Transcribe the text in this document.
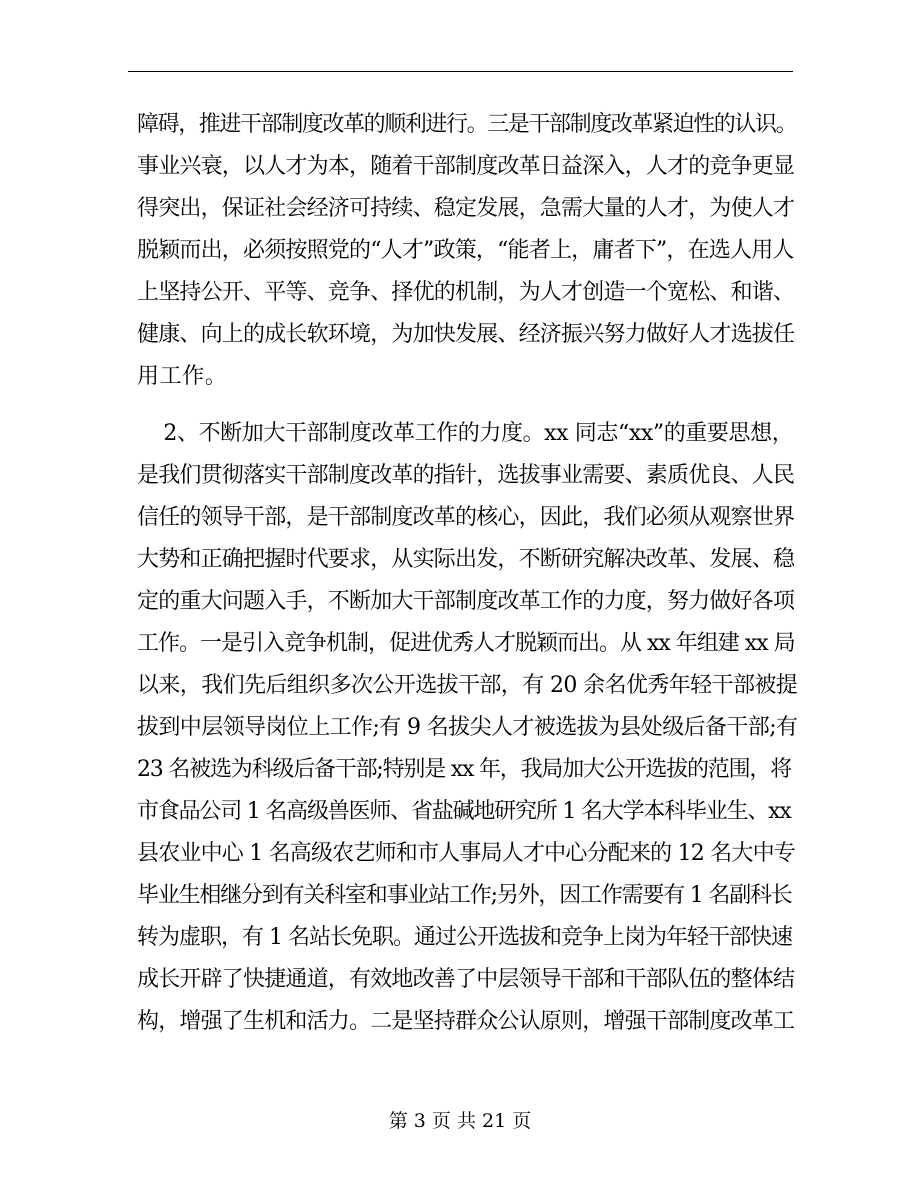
障碍，推进干部制度改革的顺利进行。三是干部制度改革紧迫性的认识。
事业兴衰，以人才为本，随着干部制度改革日益深入，人才的竞争更显
得突出，保证社会经济可持续、稳定发展，急需大量的人才，为使人才
脱颖而出，必须按照党的“人才”政策，“能者上，庸者下”，在选人用人
上坚持公开、平等、竞争、择优的机制，为人才创造一个宽松、和谐、
健康、向上的成长软环境，为加快发展、经济振兴努力做好人才选拔任
用工作。
2、不断加大干部制度改革工作的力度。xx 同志“xx”的重要思想，
是我们贯彻落实干部制度改革的指针，选拔事业需要、素质优良、人民
信任的领导干部，是干部制度改革的核心，因此，我们必须从观察世界
大势和正确把握时代要求，从实际出发，不断研究解决改革、发展、稳
定的重大问题入手，不断加大干部制度改革工作的力度，努力做好各项
工作。一是引入竞争机制，促进优秀人才脱颖而出。从 xx 年组建 xx 局
以来，我们先后组织多次公开选拔干部，有 20 余名优秀年轻干部被提
拔到中层领导岗位上工作;有 9 名拔尖人才被选拔为县处级后备干部;有
23 名被选为科级后备干部;特别是 xx 年，我局加大公开选拔的范围，将
市食品公司 1 名高级兽医师、省盐碱地研究所 1 名大学本科毕业生、xx
县农业中心 1 名高级农艺师和市人事局人才中心分配来的 12 名大中专
毕业生相继分到有关科室和事业站工作;另外，因工作需要有 1 名副科长
转为虚职，有 1 名站长免职。通过公开选拔和竞争上岗为年轻干部快速
成长开辟了快捷通道，有效地改善了中层领导干部和干部队伍的整体结
构，增强了生机和活力。二是坚持群众公认原则，增强干部制度改革工
第 3 页 共 21 页
